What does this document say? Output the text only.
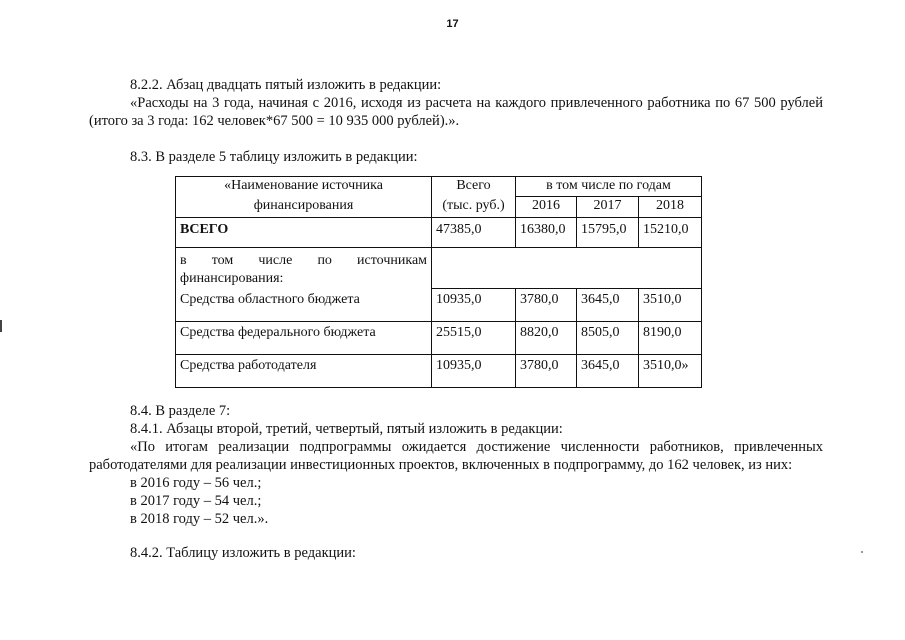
17
8.2.2. Абзац двадцать пятый изложить в редакции:
«Расходы на 3 года, начиная с 2016, исходя из расчета на каждого привлеченного работника по 67 500 рублей
(итого за 3 года: 162 человек*67 500 = 10 935 000 рублей).».
8.3. В разделе 5 таблицу изложить в редакции:
«Наименование источника	Всего	в том числе по годам		
финансирования	(тыс. руб.)	2016	2017	2018
ВСЕГО	47385,0	16380,0	15795,0	15210,0

в том числе по источникам
финансирования:				

Средства областного бюджета	10935,0	3780,0	3645,0	3510,0
Средства федерального бюджета	25515,0	8820,0	8505,0	8190,0
Средства работодателя	10935,0	3780,0	3645,0	3510,0»
8.4. В разделе 7:
8.4.1. Абзацы второй, третий, четвертый, пятый изложить в редакции:
«По итогам реализации подпрограммы ожидается достижение численности работников, привлеченных
работодателями для реализации инвестиционных проектов, включенных в подпрограмму, до 162 человек, из них:
в 2016 году – 56 чел.;
в 2017 году – 54 чел.;
в 2018 году – 52 чел.».
8.4.2. Таблицу изложить в редакции:
